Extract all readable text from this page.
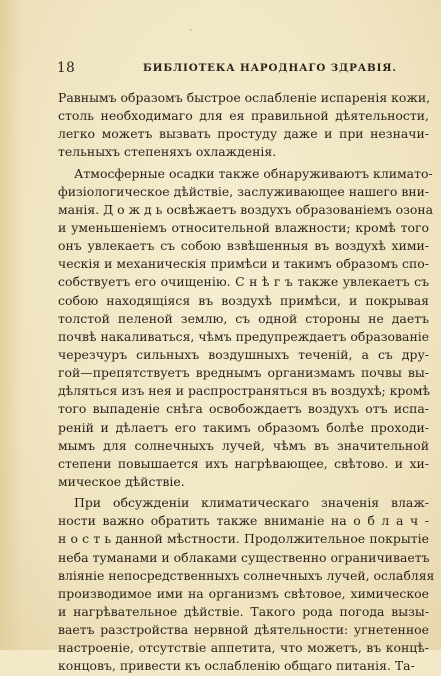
18	БИБЛІОТЕКА НАРОДНАГО ЗДРАВІЯ.
Равнымъ образомъ быстрое ослабленіе испаренія кожи,
столь необходимаго для ея правильной дѣятельности,
легко можетъ вызвать простуду даже и при незначи-
тельныхъ степеняхъ охлажденія.
Атмосферные осадки также обнаруживаютъ климато-
физіологическое дѣйствіе, заслуживающее нашего вни-
манія. Д о ж д ь освѣжаетъ воздухъ образованіемъ озона
и уменьшеніемъ относительной влажности; кромѣ того
онъ увлекаетъ съ собою взвѣшенныя въ воздухѣ хими-
ческія и механическія примѣси и такимъ образомъ спо-
собствуетъ его очищенію. С н ѣ г ъ также увлекаетъ съ
собою находящіяся въ воздухѣ примѣси, и покрывая
толстой пеленой землю, съ одной стороны не даетъ
почвѣ накаливаться, чѣмъ предупреждаетъ образованіе
черезчуръ сильныхъ воздушныхъ теченій, а съ дру-
гой—препятствуетъ вреднымъ организмамъ почвы вы-
дѣляться изъ нея и распространяться въ воздухѣ; кромѣ
того выпаденіе снѣга освобождаетъ воздухъ отъ испа-
реній и дѣлаетъ его такимъ образомъ болѣе проходи-
мымъ для солнечныхъ лучей, чѣмъ въ значительной
степени повышается ихъ нагрѣвающее, свѣтово. и хи-
мическое дѣйствіе.
При обсужденіи климатическаго значенія влаж-
ности важно обратить также вниманіе на о б л а ч -
н о с т ь данной мѣстности. Продолжительное покрытіе
неба туманами и облаками существенно ограничиваетъ
вліяніе непосредственныхъ солнечныхъ лучей, ослабляя
производимое ими на организмъ свѣтовое, химическое
и нагрѣвательное дѣйствіе. Такого рода погода вызы-
ваетъ разстройства нервной дѣятельности: угнетенное
настроеніе, отсутствіе аппетита, что можетъ, въ концѣ-
концовъ, привести къ ослабленію общаго питанія. Та-
